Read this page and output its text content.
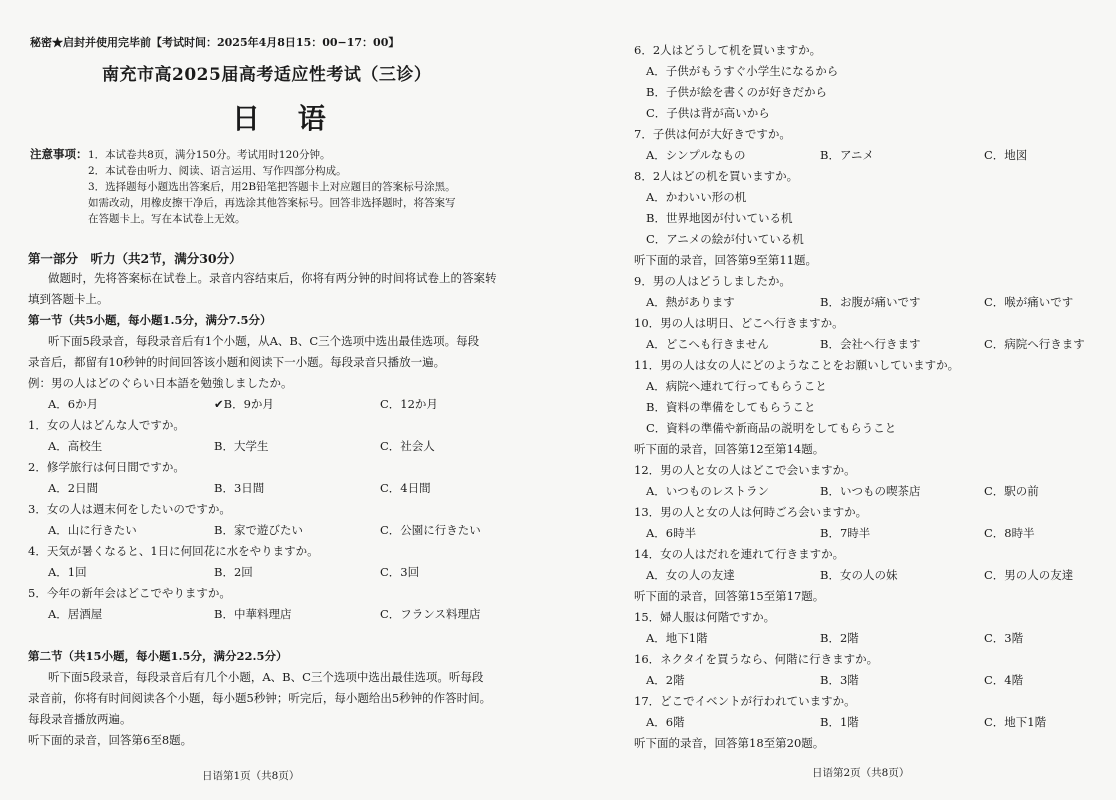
秘密★启封并使用完毕前【考试时间：2025年4月8日15：00−17：00】
南充市高2025届高考适应性考试（三诊）
日 语
注意事项： 1．本试卷共8页，满分150分。考试用时120分钟。
2．本试卷由听力、阅读、语言运用、写作四部分构成。
3．选择题每小题选出答案后，用2B铅笔把答题卡上对应题目的答案标号涂黑。
如需改动，用橡皮擦干净后，再选涂其他答案标号。回答非选择题时，将答案写
在答题卡上。写在本试卷上无效。
第一部分　听力（共2节，满分30分）
做题时，先将答案标在试卷上。录音内容结束后，你将有两分钟的时间将试卷上的答案转
填到答题卡上。
第一节（共5小题，每小题1.5分，满分7.5分）
听下面5段录音，每段录音后有1个小题，从A、B、C三个选项中选出最佳选项。每段
录音后，都留有10秒钟的时间回答该小题和阅读下一小题。每段录音只播放一遍。
例：男の人はどのぐらい日本語を勉強しましたか。
A．6か月	✔B．9か月	C．12か月
1．女の人はどんな人ですか。
A．高校生	B．大学生	C．社会人
2．修学旅行は何日間ですか。
A．2日間	B．3日間	C．4日間
3．女の人は週末何をしたいのですか。
A．山に行きたい	B．家で遊びたい	C．公園に行きたい
4．天気が暑くなると、1日に何回花に水をやりますか。
A．1回	B．2回	C．3回
5．今年の新年会はどこでやりますか。
A．居酒屋	B．中華料理店	C．フランス料理店
第二节（共15小题，每小题1.5分，满分22.5分）
听下面5段录音，每段录音后有几个小题，A、B、C三个选项中选出最佳选项。听每段
录音前，你将有时间阅读各个小题，每小题5秒钟；听完后，每小题给出5秒钟的作答时间。
每段录音播放两遍。
听下面的录音，回答第6至8题。
日语第1页（共8页）
6．2人はどうして机を買いますか。
A．子供がもうすぐ小学生になるから
B．子供が絵を書くのが好きだから
C．子供は背が高いから
7．子供は何が大好きですか。
A．シンプルなもの	B．アニメ	C．地図
8．2人はどの机を買いますか。
A．かわいい形の机
B．世界地図が付いている机
C．アニメの絵が付いている机
听下面的录音，回答第9至第11题。
9．男の人はどうしましたか。
A．熱があります	B．お腹が痛いです	C．喉が痛いです
10．男の人は明日、どこへ行きますか。
A．どこへも行きません	B．会社へ行きます	C．病院へ行きます
11．男の人は女の人にどのようなことをお願いしていますか。
A．病院へ連れて行ってもらうこと
B．資料の準備をしてもらうこと
C．資料の準備や新商品の説明をしてもらうこと
听下面的录音，回答第12至第14题。
12．男の人と女の人はどこで会いますか。
A．いつものレストラン	B．いつもの喫茶店	C．駅の前
13．男の人と女の人は何時ごろ会いますか。
A．6時半	B．7時半	C．8時半
14．女の人はだれを連れて行きますか。
A．女の人の友達	B．女の人の妹	C．男の人の友達
听下面的录音，回答第15至第17题。
15．婦人服は何階ですか。
A．地下1階	B．2階	C．3階
16．ネクタイを買うなら、何階に行きますか。
A．2階	B．3階	C．4階
17．どこでイベントが行われていますか。
A．6階	B．1階	C．地下1階
听下面的录音，回答第18至第20题。
日语第2页（共8页）
